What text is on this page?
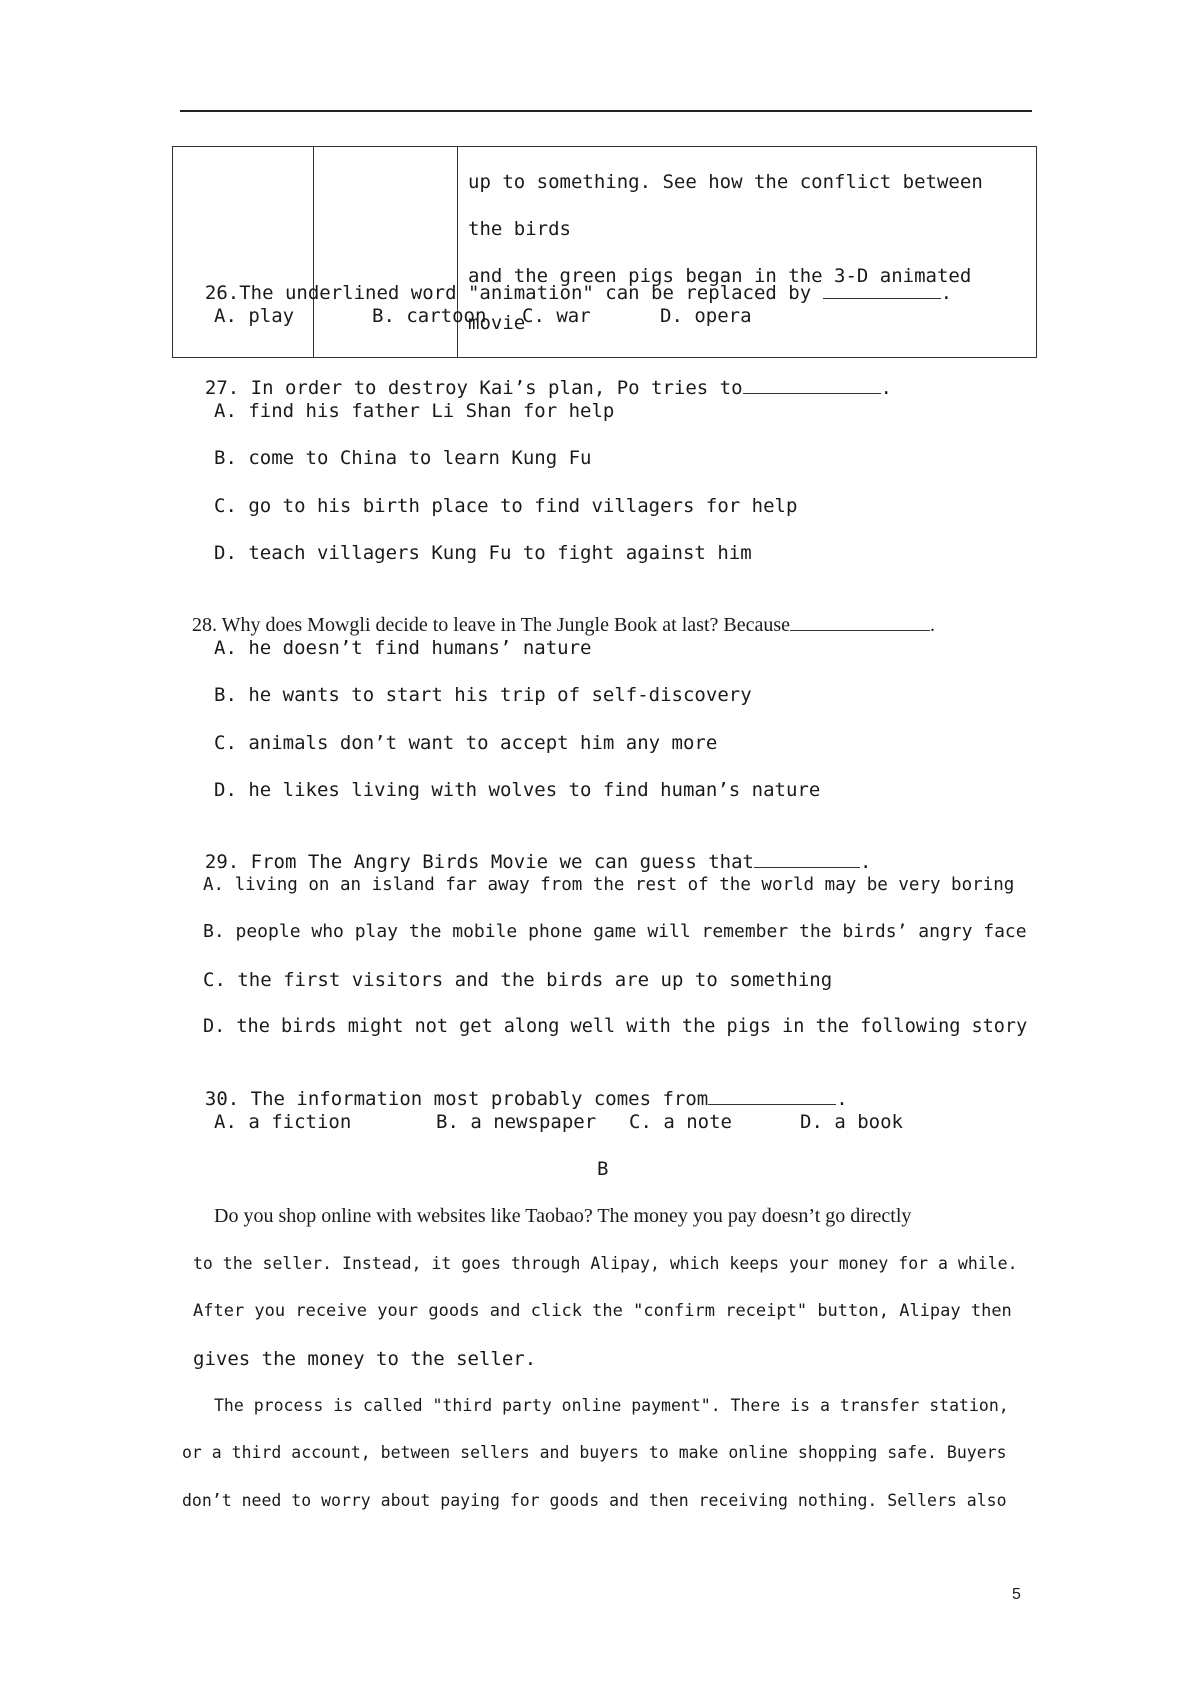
up to something. See how the conflict between the birds
and the green pigs began in the 3-D animated movie

26.The underlined word "animation" can be replaced by	.

A. play	B. cartoon C. war	D. opera

27. In order to destroy Kai’s plan, Po tries to	.

A. find his father Li Shan for help
B. come to China to learn Kung Fu
C. go to his birth place to find villagers for help
D. teach villagers Kung Fu to fight against him

28. Why does Mowgli decide to leave in The Jungle Book at last? Because	.

A. he doesn’t find humans’ nature
B. he wants to start his trip of self-discovery
C. animals don’t want to accept him any more
D. he likes living with wolves to find human’s nature

29. From The Angry Birds Movie we can guess that	.

A. living on an island far away from the rest of the world may be very boring
B. people who play the mobile phone game will remember the birds’ angry face
C. the first visitors and the birds are up to something
D. the birds might not get along well with the pigs in the following story

30. The information most probably comes from	.

A. a fiction	B. a newspaper C. a note	D. a book
B
Do you shop online with websites like Taobao? The money you pay doesn’t go directly
to the seller. Instead, it goes through Alipay, which keeps your money for a while.
After you receive your goods and click the "confirm receipt" button, Alipay then
gives the money to the seller.
The process is called "third party online payment". There is a transfer station,
or a third account, between sellers and buyers to make online shopping safe. Buyers
don’t need to worry about paying for goods and then receiving nothing. Sellers also
5
